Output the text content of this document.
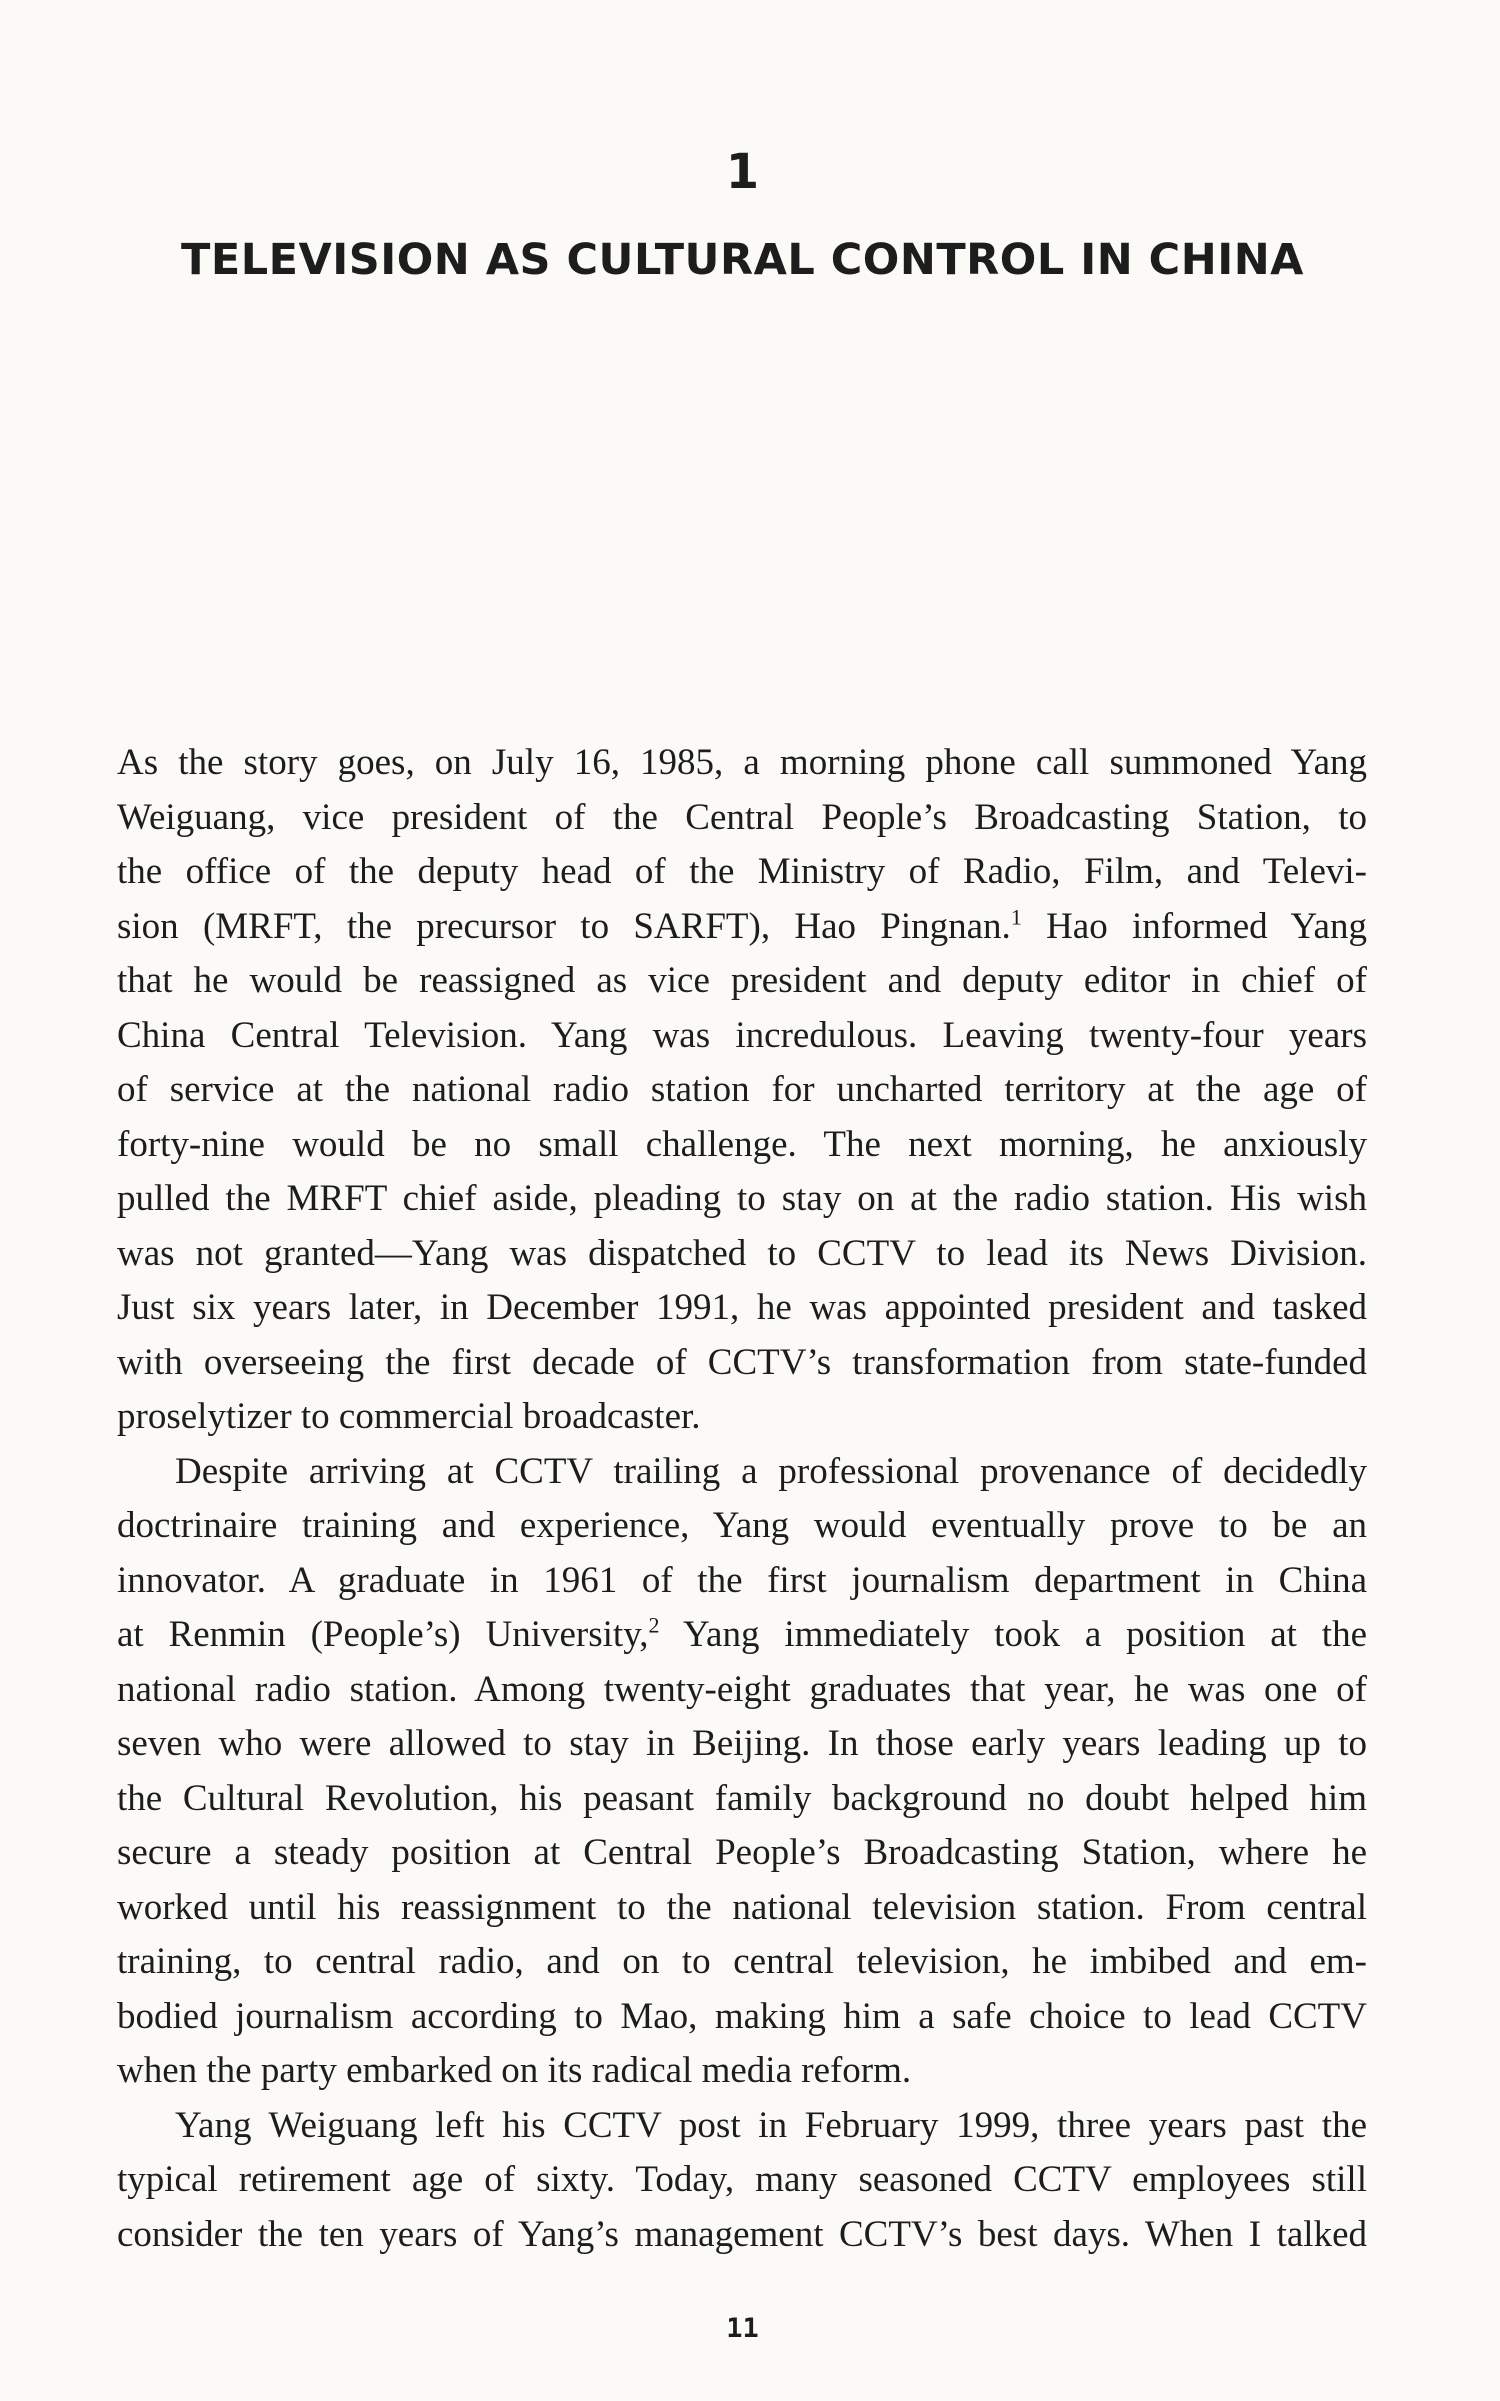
1
TELEVISION AS CULTURAL CONTROL IN CHINA

As the story goes, on July 16, 1985, a morning phone call summoned Yang
Weiguang, vice president of the Central People’s Broadcasting Station, to
the office of the deputy head of the Ministry of Radio, Film, and Televi-
sion (MRFT, the precursor to SARFT), Hao Pingnan.$^1$ Hao informed Yang
that he would be reassigned as vice president and deputy editor in chief of
China Central Television. Yang was incredulous. Leaving twenty-four years
of service at the national radio station for uncharted territory at the age of
forty-nine would be no small challenge. The next morning, he anxiously
pulled the MRFT chief aside, pleading to stay on at the radio station. His wish
was not granted—Yang was dispatched to CCTV to lead its News Division.
Just six years later, in December 1991, he was appointed president and tasked
with overseeing the first decade of CCTV’s transformation from state-funded
proselytizer to commercial broadcaster.

Despite arriving at CCTV trailing a professional provenance of decidedly
doctrinaire training and experience, Yang would eventually prove to be an
innovator. A graduate in 1961 of the first journalism department in China
at Renmin (People’s) University,$^2$ Yang immediately took a position at the
national radio station. Among twenty-eight graduates that year, he was one of
seven who were allowed to stay in Beijing. In those early years leading up to
the Cultural Revolution, his peasant family background no doubt helped him
secure a steady position at Central People’s Broadcasting Station, where he
worked until his reassignment to the national television station. From central
training, to central radio, and on to central television, he imbibed and em-
bodied journalism according to Mao, making him a safe choice to lead CCTV
when the party embarked on its radical media reform.

Yang Weiguang left his CCTV post in February 1999, three years past the
typical retirement age of sixty. Today, many seasoned CCTV employees still
consider the ten years of Yang’s management CCTV’s best days. When I talked

11
